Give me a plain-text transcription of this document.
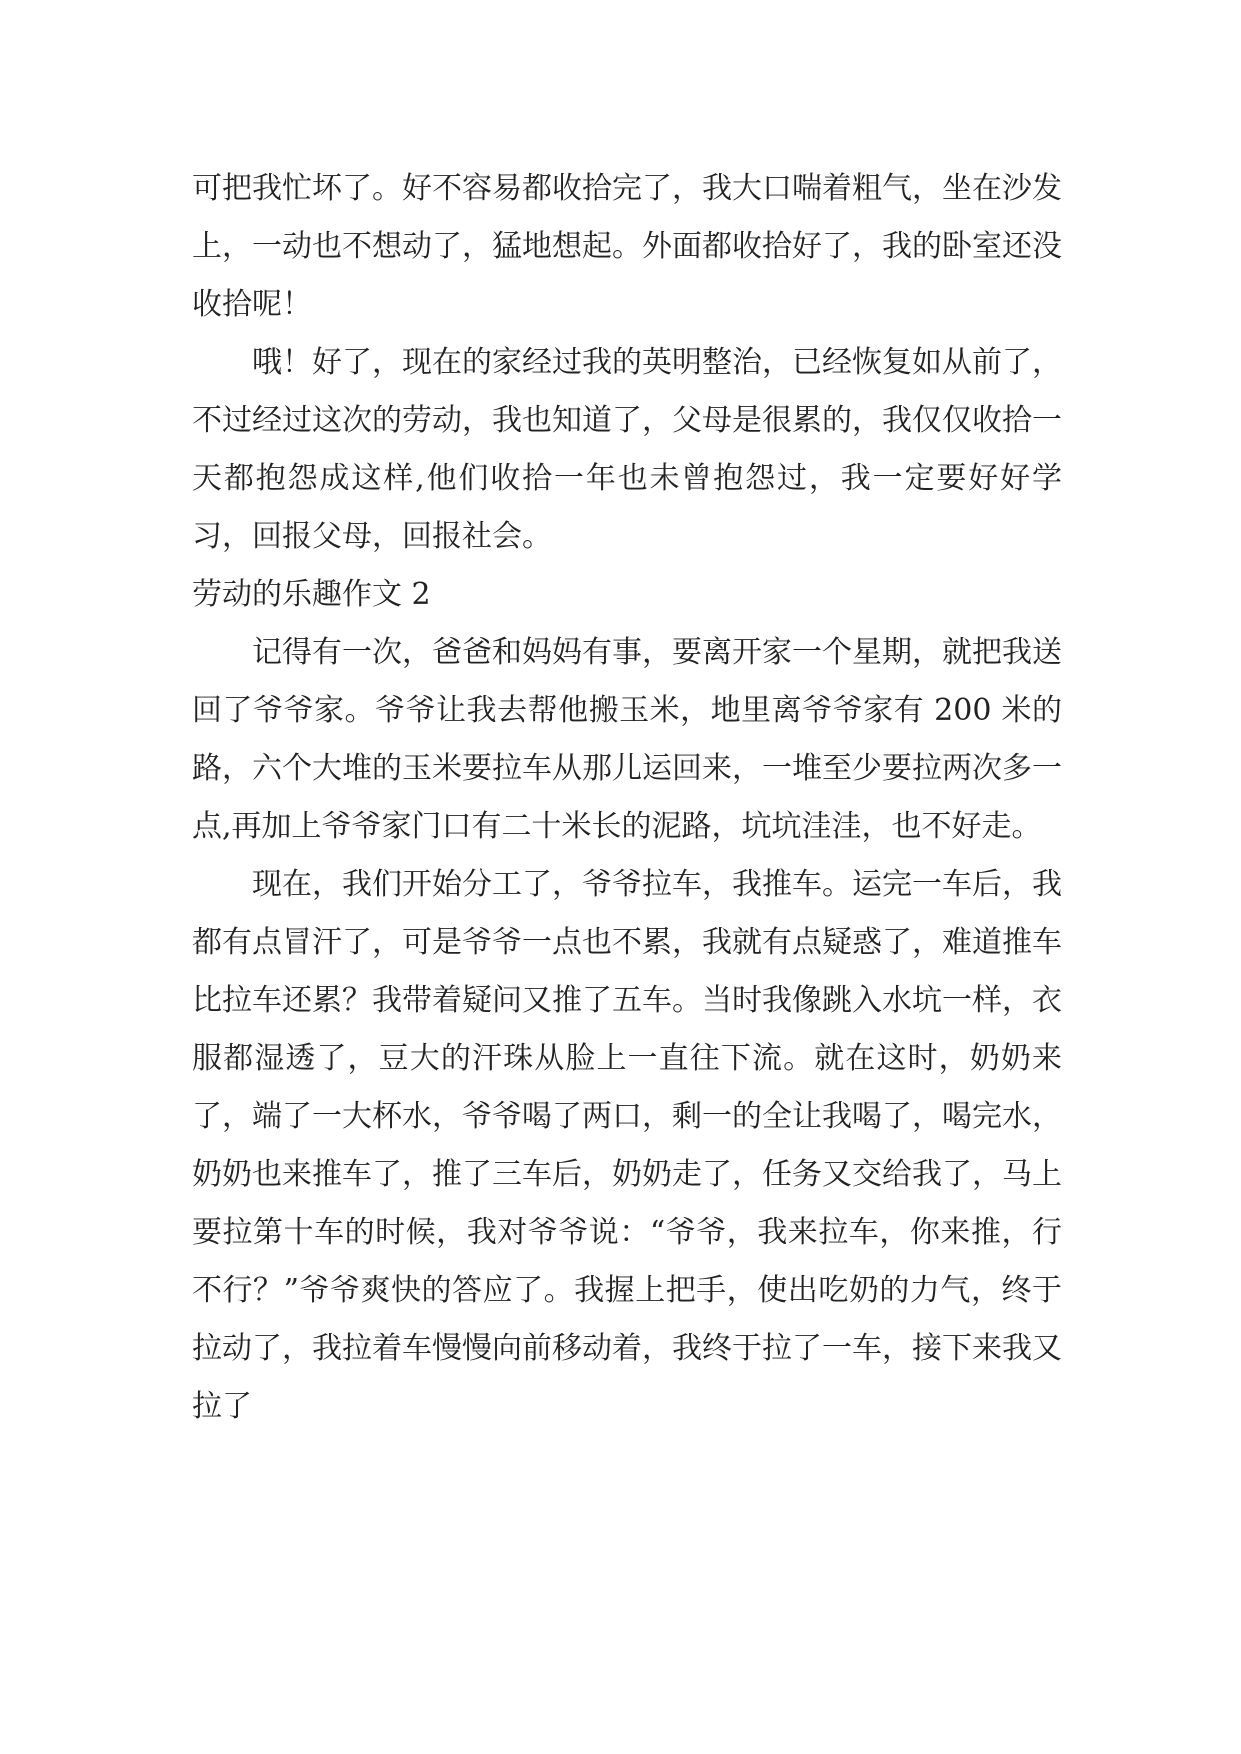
可把我忙坏了。好不容易都收拾完了，我大口喘着粗气，坐在沙发上，一动也不想动了，猛地想起。外面都收拾好了，我的卧室还没收拾呢！

哦！好了，现在的家经过我的英明整治，已经恢复如从前了，不过经过这次的劳动，我也知道了，父母是很累的，我仅仅收拾一天都抱怨成这样,他们收拾一年也未曾抱怨过，我一定要好好学习，回报父母，回报社会。

劳动的乐趣作文 2

记得有一次，爸爸和妈妈有事，要离开家一个星期，就把我送回了爷爷家。爷爷让我去帮他搬玉米，地里离爷爷家有 200 米的路，六个大堆的玉米要拉车从那儿运回来，一堆至少要拉两次多一点,再加上爷爷家门口有二十米长的泥路，坑坑洼洼，也不好走。

现在，我们开始分工了，爷爷拉车，我推车。运完一车后，我都有点冒汗了，可是爷爷一点也不累，我就有点疑惑了，难道推车比拉车还累？我带着疑问又推了五车。当时我像跳入水坑一样，衣服都湿透了，豆大的汗珠从脸上一直往下流。就在这时，奶奶来了，端了一大杯水，爷爷喝了两口，剩一的全让我喝了，喝完水，奶奶也来推车了，推了三车后，奶奶走了，任务又交给我了，马上要拉第十车的时候，我对爷爷说：“爷爷，我来拉车，你来推，行不行？”爷爷爽快的答应了。我握上把手，使出吃奶的力气，终于拉动了，我拉着车慢慢向前移动着，我终于拉了一车，接下来我又拉了
